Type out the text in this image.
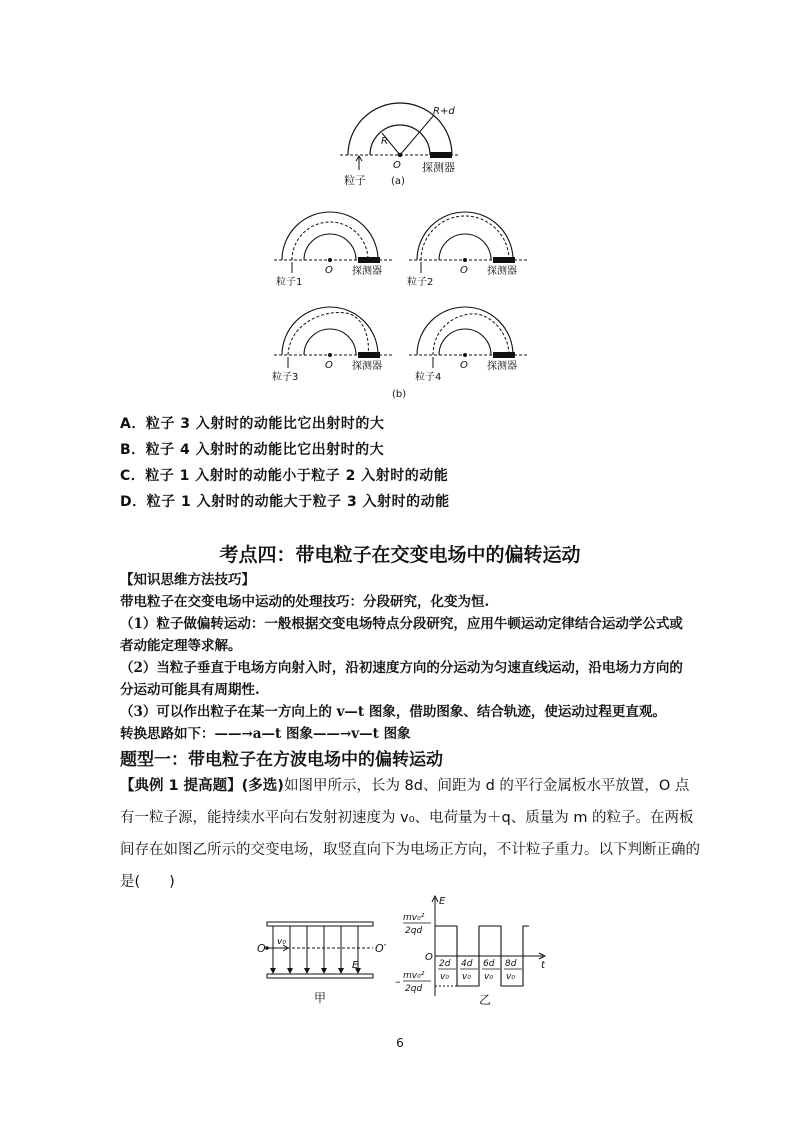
R
R+d
O
粒子
探测器
(a)
O
粒子1
探测器	O
粒子2
探测器
O
粒子3
探测器	O
粒子4
探测器
(b)
A．粒子 3 入射时的动能比它出射时的大
B．粒子 4 入射时的动能比它出射时的大
C．粒子 1 入射时的动能小于粒子 2 入射时的动能
D．粒子 1 入射时的动能大于粒子 3 入射时的动能
考点四：带电粒子在交变电场中的偏转运动
【知识思维方法技巧】
带电粒子在交变电场中运动的处理技巧：分段研究，化变为恒.
（1）粒子做偏转运动：一般根据交变电场特点分段研究，应用牛顿运动定律结合运动学公式或者动能定理等求解。
（2）当粒子垂直于电场方向射入时，沿初速度方向的分运动为匀速直线运动，沿电场力方向的分运动可能具有周期性.
（3）可以作出粒子在某一方向上的 v—t 图象，借助图象、结合轨迹，使运动过程更直观。
转换思路如下：——→a—t 图象——→v—t 图象
题型一：带电粒子在方波电场中的偏转运动
【典例 1 提高题】(多选)如图甲所示，长为 8d、间距为 d 的平行金属板水平放置，O 点有一粒子源，能持续水平向右发射初速度为 v₀、电荷量为＋q、质量为 m 的粒子。在两板间存在如图乙所示的交变电场，取竖直向下为电场正方向，不计粒子重力。以下判断正确的是(　　)
O	O′
v₀
E
甲
E
t
O
mv₀²
2qd
– mv₀²
2qd
2d
v₀
4d
v₀
6d
v₀
8d
v₀
乙
6
